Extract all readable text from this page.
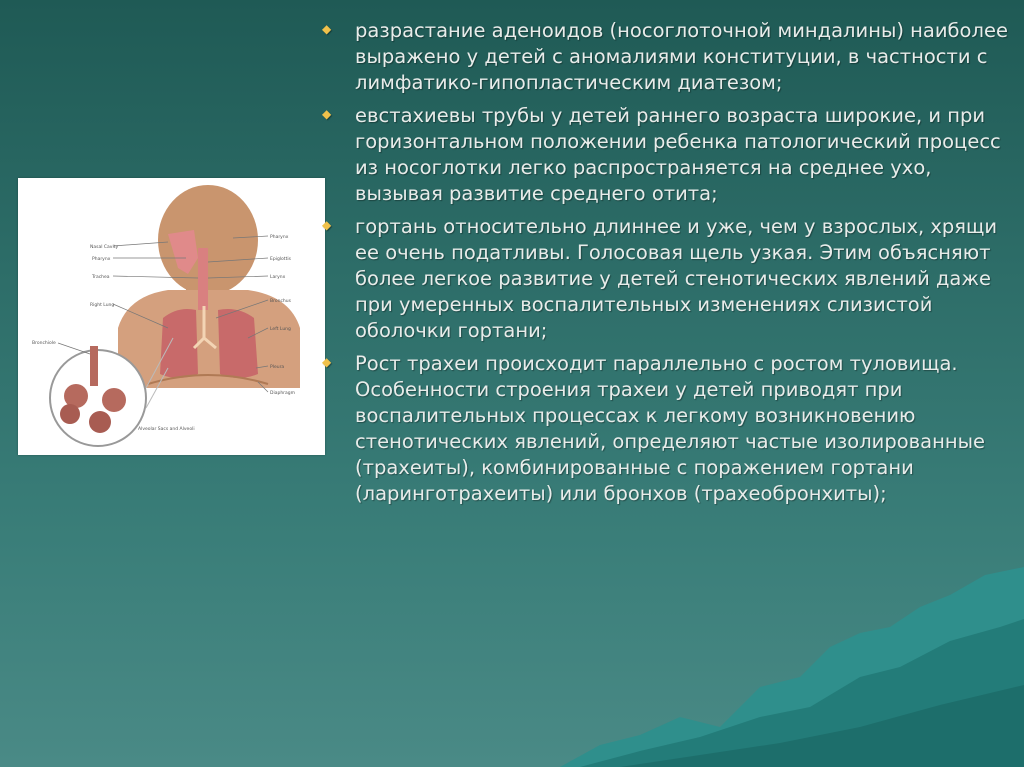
Nasal Cavity
Pharynx
Trachea
Right Lung
Bronchiole
Pharynx
Epiglottis
Larynx
Bronchus
Left Lung
Pleura
Diaphragm
Alveolar Sacs and Alveoli
◆
разрастание аденоидов (носоглоточной миндалины) наиболее выражено у детей с аномалиями конституции, в частности с лимфатико-гипопластическим диатезом;
◆
евстахиевы трубы у детей раннего возраста широкие, и при горизонтальном положении ребенка патологический процесс из носоглотки легко распространяется на среднее ухо, вызывая развитие среднего отита;
◆
гортань относительно длиннее и уже, чем у взрослых, хрящи ее очень податливы. Голосовая щель узкая. Этим объясняют более легкое развитие у детей стенотических явлений даже при умеренных воспалительных изменениях слизистой оболочки гортани;
◆
Рост трахеи происходит параллельно с ростом туловища. Особенности строения трахеи у детей приводят при воспалительных процессах к легкому возникновению стенотических явлений, определяют частые изолированные (трахеиты), комбинированные с поражением гортани (ларинготрахеиты) или бронхов (трахеобронхиты);
